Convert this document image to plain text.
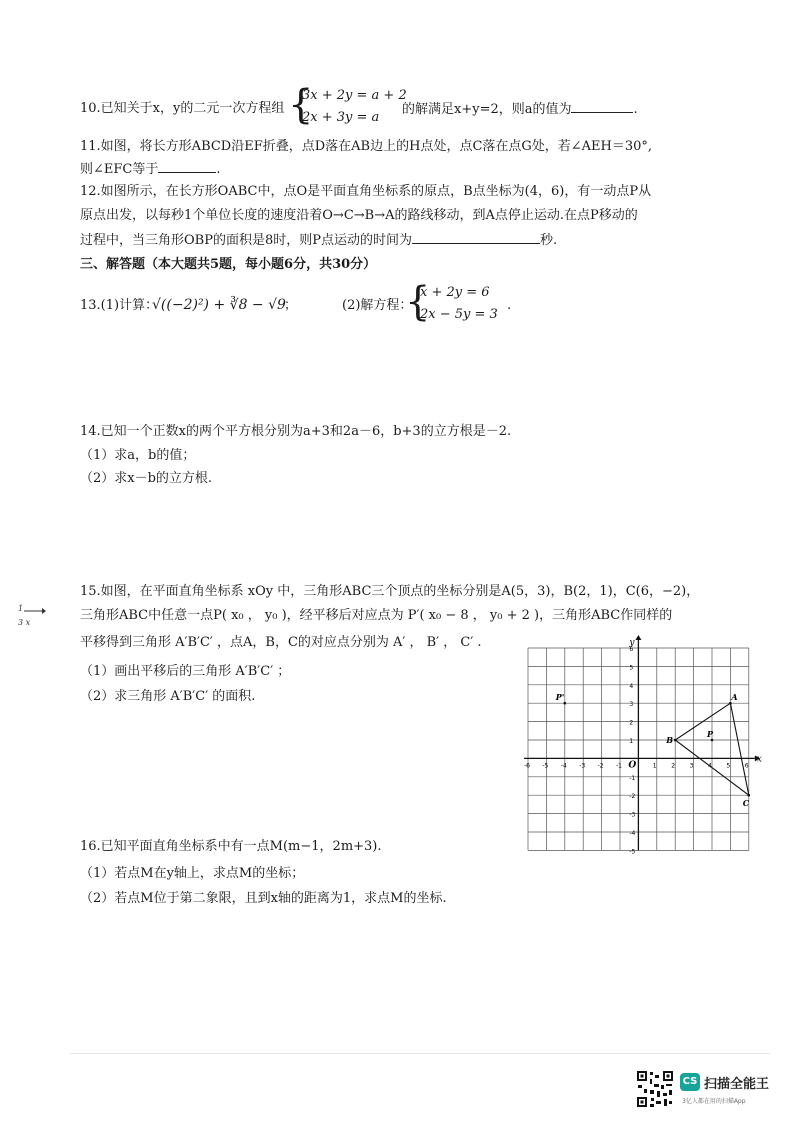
10.已知关于x，y的二元一次方程组 {
3x + 2y = a + 2
2x + 3y = a
的解满足x+y=2，则a的值为	.
11.如图，将长方形ABCD沿EF折叠，点D落在AB边上的H点处，点C落在点G处，若∠AEH＝30°,
则∠EFC等于	.
12.如图所示，在长方形OABC中，点O是平面直角坐标系的原点，B点坐标为(4，6)，有一动点P从
原点出发，以每秒1个单位长度的速度沿着O→C→B→A的路线移动，到A点停止运动.在点P移动的
过程中，当三角形OBP的面积是8时，则P点运动的时间为	秒.
三、解答题（本大题共5题，每小题6分，共30分）
13.(1)计算：
√((−2)²) + ∛8 − √9
；	(2)解方程：
{
x + 2y = 6
2x − 5y = 3
.
14.已知一个正数x的两个平方根分别为a+3和2a－6，b+3的立方根是－2.
（1）求a，b的值；
（2）求x－b的立方根.
1
3 x
15.如图，在平面直角坐标系 xOy 中，三角形ABC三个顶点的坐标分别是A(5，3)，B(2，1)，C(6，−2)，
三角形ABC中任意一点P( x₀ ， y₀ )，经平移后对应点为 P′( x₀ − 8 ， y₀ + 2 )，三角形ABC作同样的
平移得到三角形 A′B′C′ ，点A，B，C的对应点分别为 A′ ， B′ ， C′ .
（1）画出平移后的三角形 A′B′C′ ；
（2）求三角形 A′B′C′ 的面积.
x
y
O
-6 -5 -4 -3 -2 -1	1 2 3 4 5 6
-5
-4
-3
-2
-1
1
2
3
4
5
6
A
B
C
P
P'
16.已知平面直角坐标系中有一点M(m−1，2m+3).
（1）若点M在y轴上，求点M的坐标；
（2）若点M位于第二象限，且到x轴的距离为1，求点M的坐标.
CS 扫描全能王
3亿人都在用的扫描App
